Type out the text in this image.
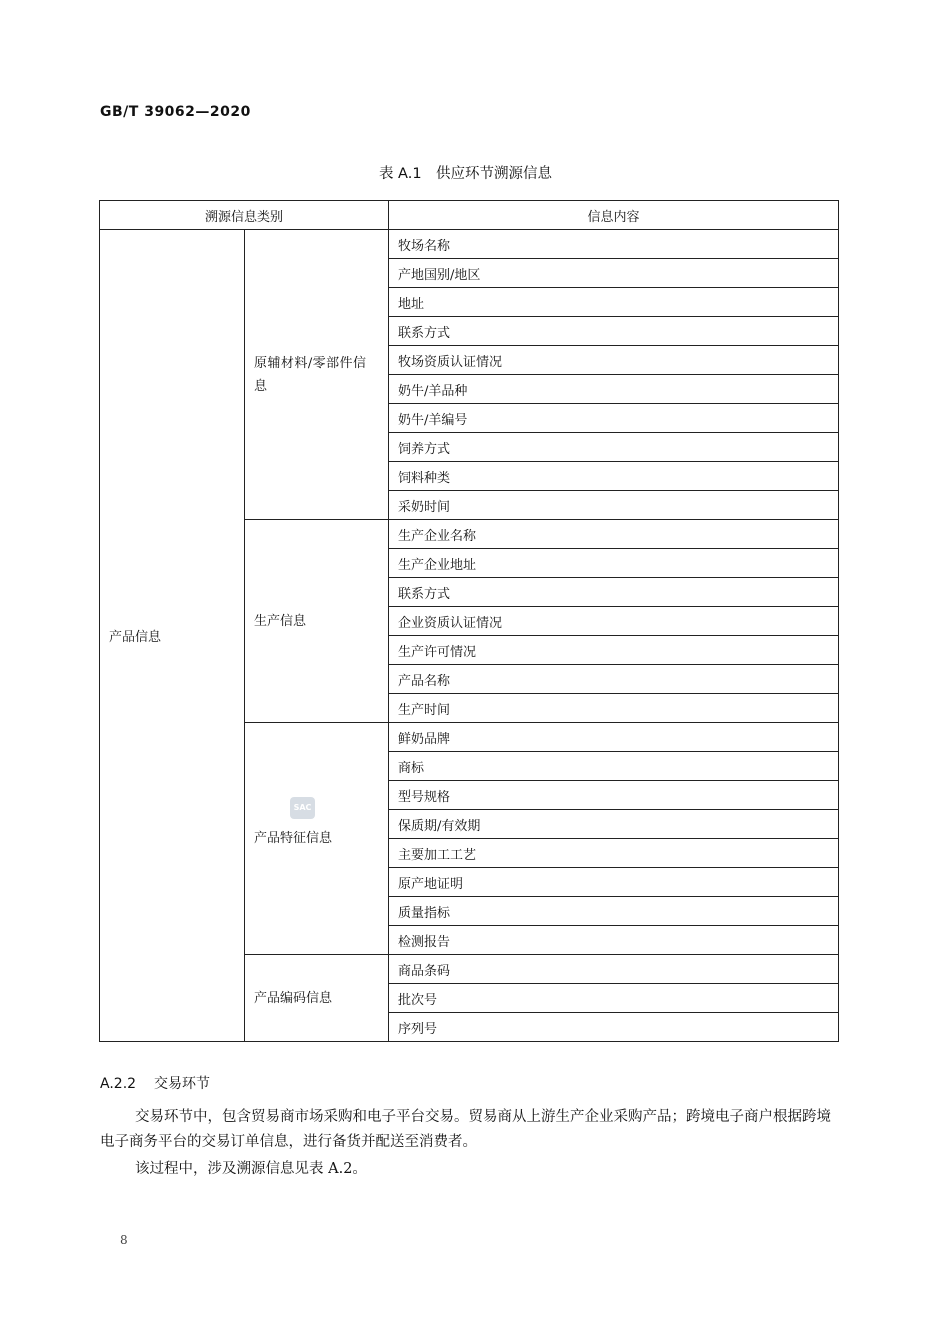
GB/T 39062—2020
表 A.1　供应环节溯源信息
溯源信息类别		信息内容
产品信息	原辅材料/零部件信息	牧场名称
		产地国别/地区
		地址
		联系方式
		牧场资质认证情况
		奶牛/羊品种
		奶牛/羊编号
		饲养方式
		饲料种类
		采奶时间
	生产信息	生产企业名称
		生产企业地址
		联系方式
		企业资质认证情况
		生产许可情况
		产品名称
		生产时间
	产品特征信息	鲜奶品牌
		商标
		型号规格
		保质期/有效期
		主要加工工艺
		原产地证明
		质量指标
		检测报告
	产品编码信息	商品条码
		批次号
		序列号
SAC
A.2.2 交易环节
交易环节中，包含贸易商市场采购和电子平台交易。贸易商从上游生产企业采购产品；跨境电子商户根据跨境电子商务平台的交易订单信息，进行备货并配送至消费者。
该过程中，涉及溯源信息见表 A.2。
8
